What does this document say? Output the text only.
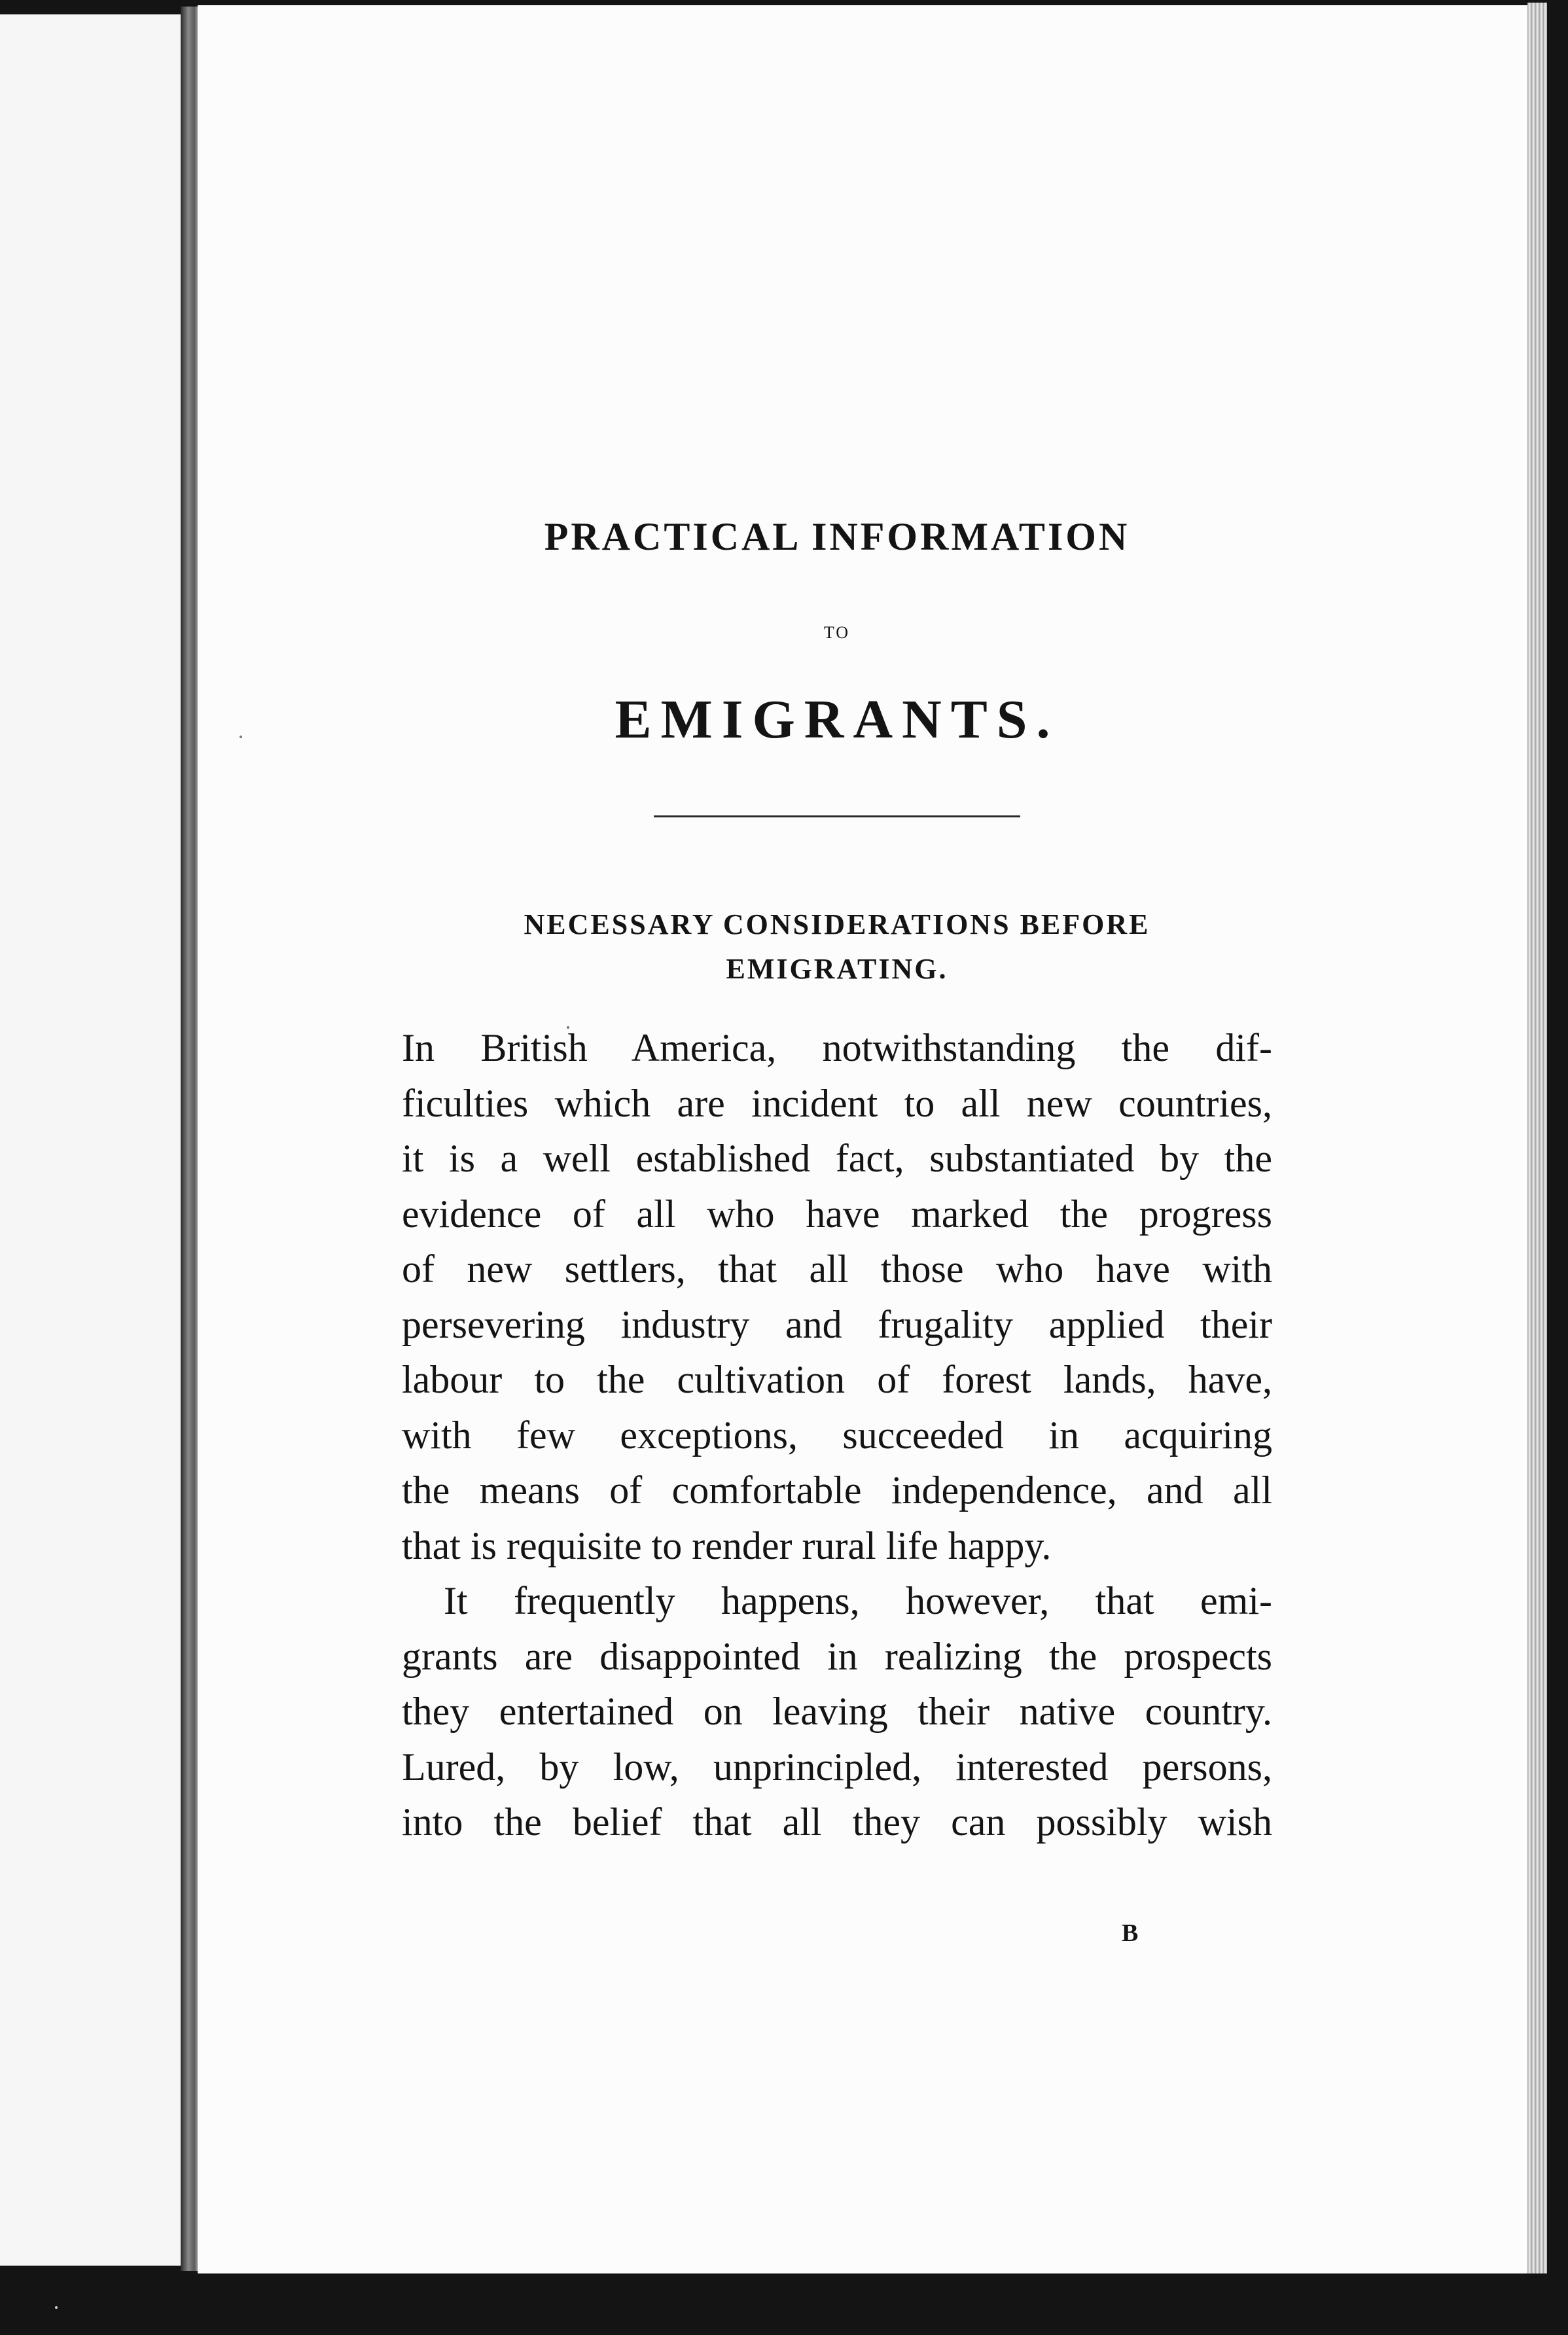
PRACTICAL INFORMATION
TO
EMIGRANTS.
NECESSARY CONSIDERATIONS BEFORE
EMIGRATING.
In British America, notwithstanding the dif-
ficulties which are incident to all new countries,
it is a well established fact, substantiated by the
evidence of all who have marked the progress
of new settlers, that all those who have with
persevering industry and frugality applied their
labour to the cultivation of forest lands, have,
with few exceptions, succeeded in acquiring
the means of comfortable independence, and all
that is requisite to render rural life happy.
It frequently happens, however, that emi-
grants are disappointed in realizing the prospects
they entertained on leaving their native country.
Lured, by low, unprincipled, interested persons,
into the belief that all they can possibly wish
B
